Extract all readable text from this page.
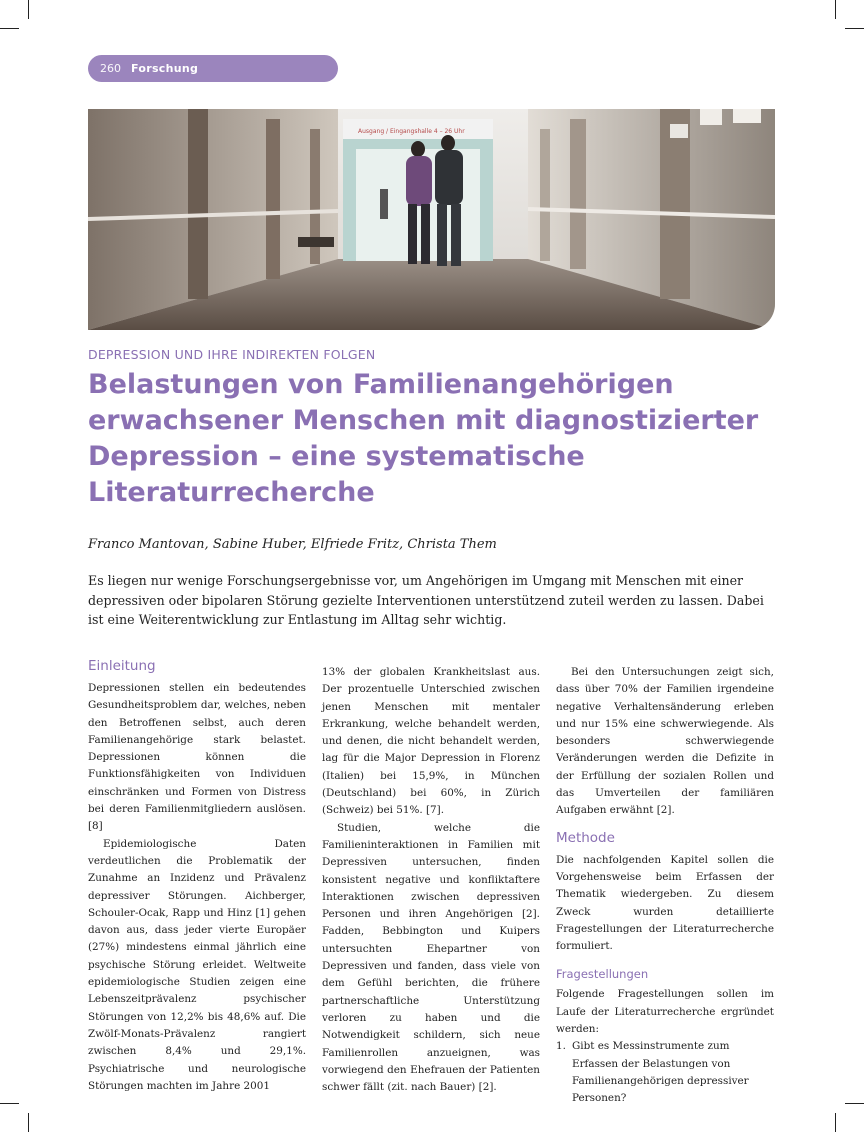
260 Forschung
Ausgang / Eingangshalle 4 – 26 Uhr
DEPRESSION UND IHRE INDIREKTEN FOLGEN
Belastungen von Familienangehörigen erwachsener Menschen mit diagnostizierter Depression – eine systematische Literaturrecherche
Franco Mantovan, Sabine Huber, Elfriede Fritz, Christa Them
Es liegen nur wenige Forschungsergebnisse vor, um Angehörigen im Umgang mit Menschen mit einer depressiven oder bipolaren Störung gezielte Interventionen unterstützend zuteil werden zu lassen. Dabei ist eine Weiterentwicklung zur Entlastung im Alltag sehr wichtig.
Einleitung

Depressionen stellen ein bedeutendes Gesundheitsproblem dar, welches, neben den Betroffenen selbst, auch deren Familienangehörige stark belastet. Depressionen können die Funktionsfähigkeiten von Individuen einschränken und Formen von Distress bei deren Familienmitgliedern auslösen. [8]

Epidemiologische Daten verdeutlichen die Problematik der Zunahme an Inzidenz und Prävalenz depressiver Störungen. Aichberger, Schouler-Ocak, Rapp und Hinz [1] gehen davon aus, dass jeder vierte Europäer (27%) mindestens einmal jährlich eine psychische Störung erleidet. Weltweite epidemiologische Studien zeigen eine Lebenszeitprävalenz psychischer Störungen von 12,2% bis 48,6% auf. Die Zwölf-Monats-Prävalenz rangiert zwischen 8,4% und 29,1%. Psychiatrische und neurologische Störungen machten im Jahre 2001

13% der globalen Krankheitslast aus. Der prozentuelle Unterschied zwischen jenen Menschen mit mentaler Erkrankung, welche behandelt werden, und denen, die nicht behandelt werden, lag für die Major Depression in Florenz (Italien) bei 15,9%, in München (Deutschland) bei 60%, in Zürich (Schweiz) bei 51%. [7].

Studien, welche die Familieninteraktionen in Familien mit Depressiven untersuchen, finden konsistent negative und konfliktaftere Interaktionen zwischen depressiven Personen und ihren Angehörigen [2]. Fadden, Bebbington und Kuipers untersuchten Ehepartner von Depressiven und fanden, dass viele von dem Gefühl berichten, die frühere partnerschaftliche Unterstützung verloren zu haben und die Notwendigkeit schildern, sich neue Familienrollen anzueignen, was vorwiegend den Ehefrauen der Patienten schwer fällt (zit. nach Bauer) [2].

Bei den Untersuchungen zeigt sich, dass über 70% der Familien irgendeine negative Verhaltensänderung erleben und nur 15% eine schwerwiegende. Als besonders schwerwiegende Veränderungen werden die Defizite in der Erfüllung der sozialen Rollen und das Umverteilen der familiären Aufgaben erwähnt [2].

Methode

Die nachfolgenden Kapitel sollen die Vorgehensweise beim Erfassen der Thematik wiedergeben. Zu diesem Zweck wurden detaillierte Fragestellungen der Literaturrecherche formuliert.

Fragestellungen

Folgende Fragestellungen sollen im Laufe der Literaturrecherche ergründet werden:

1. Gibt es Messinstrumente zum Erfassen der Belastungen von Familienangehörigen depressiver Personen?
